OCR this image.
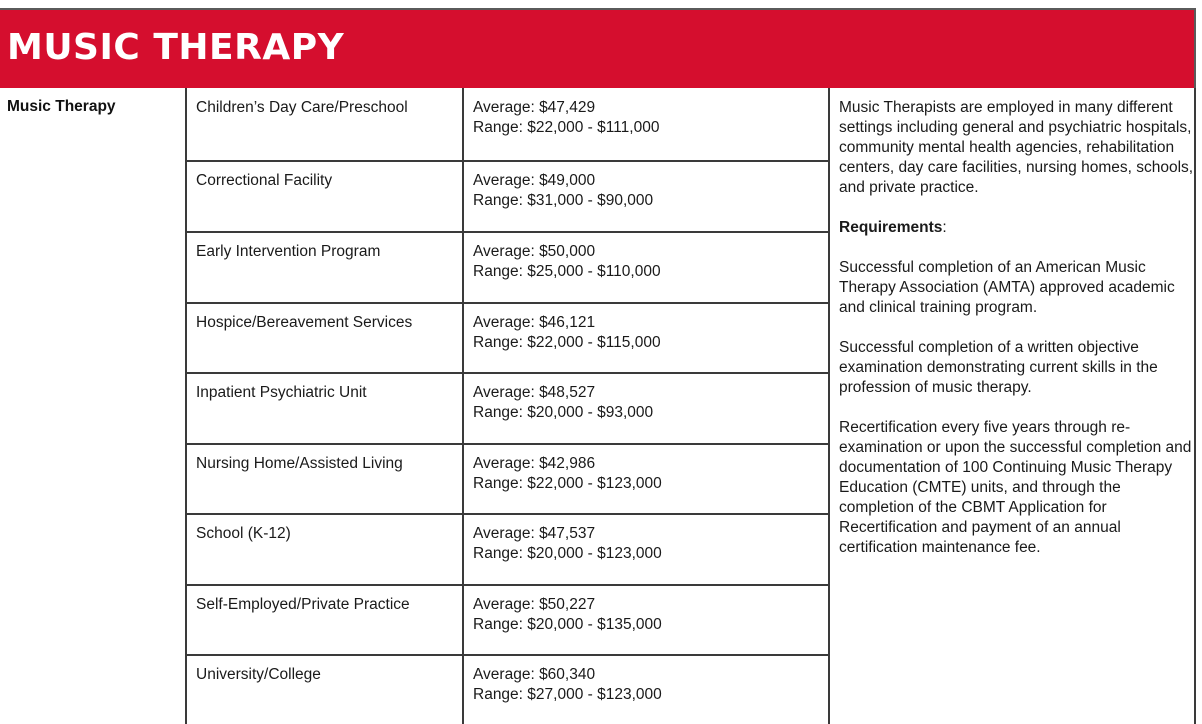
MUSIC THERAPY
Music Therapy	Children’s Day Care/Preschool	Average: $47,429
Range: $22,000 - $111,000
Correctional Facility	Average: $49,000
Range: $31,000 - $90,000
Early Intervention Program	Average: $50,000
Range: $25,000 - $110,000
Hospice/Bereavement Services	Average: $46,121
Range: $22,000 - $115,000
Inpatient Psychiatric Unit	Average: $48,527
Range: $20,000 - $93,000
Nursing Home/Assisted Living	Average: $42,986
Range: $22,000 - $123,000
School (K-12)	Average: $47,537
Range: $20,000 - $123,000
Self-Employed/Private Practice	Average: $50,227
Range: $20,000 - $135,000
University/College	Average: $60,340
Range: $27,000 - $123,000

Music Therapists are employed in many different settings including general and psychiatric hospitals, community mental health agencies, rehabilitation centers, day care facilities, nursing homes, schools, and private practice.

Requirements:

Successful completion of an American Music Therapy Association (AMTA) approved academic and clinical training program.

Successful completion of a written objective examination demonstrating current skills in the profession of music therapy.

Recertification every five years through re-examination or upon the successful completion and documentation of 100 Continuing Music Therapy Education (CMTE) units, and through the completion of the CBMT Application for Recertification and payment of an annual certification maintenance fee.
